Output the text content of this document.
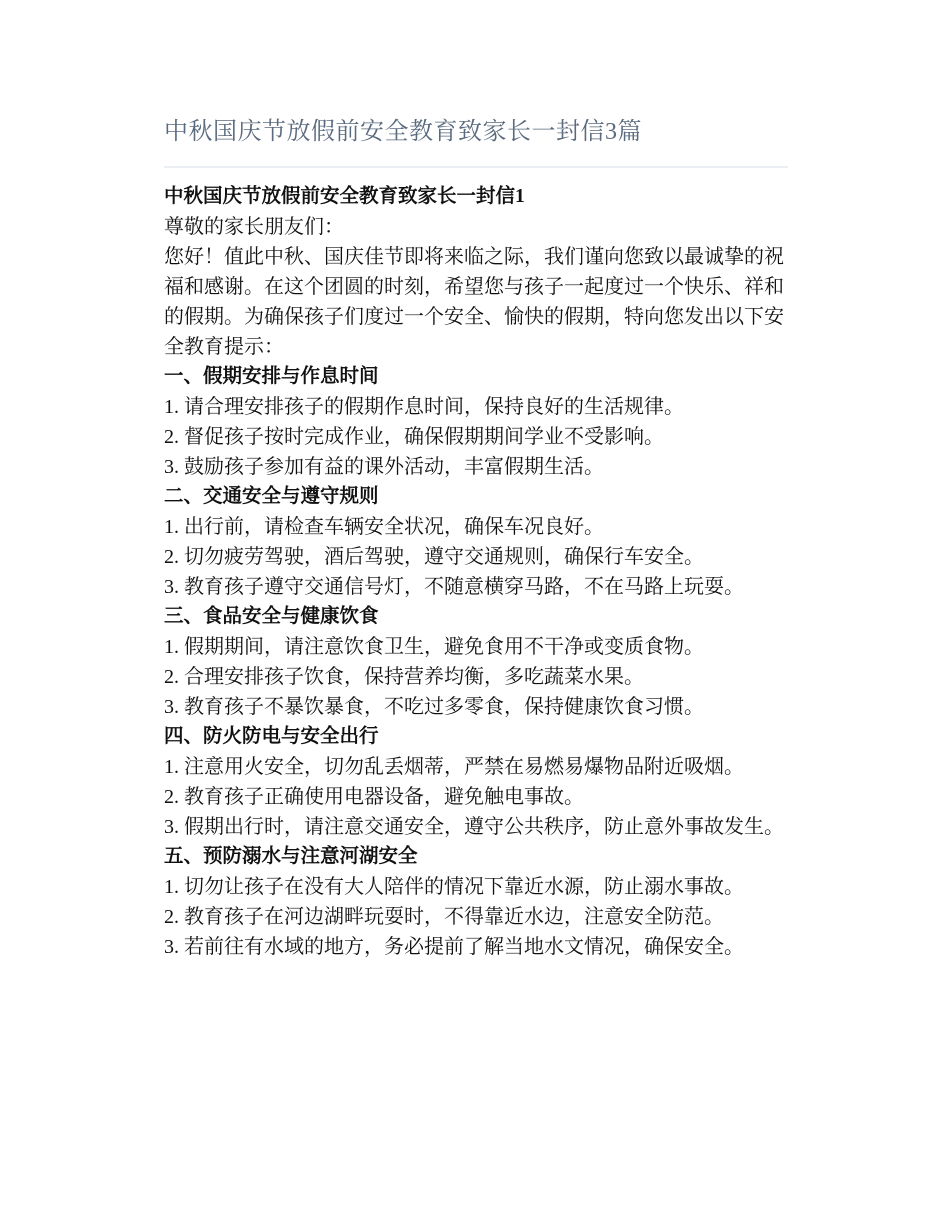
中秋国庆节放假前安全教育致家长一封信3篇

中秋国庆节放假前安全教育致家长一封信1

尊敬的家长朋友们：

您好！值此中秋、国庆佳节即将来临之际，我们谨向您致以最诚挚的祝福和感谢。在这个团圆的时刻，希望您与孩子一起度过一个快乐、祥和的假期。为确保孩子们度过一个安全、愉快的假期，特向您发出以下安全教育提示：

一、假期安排与作息时间

1. 请合理安排孩子的假期作息时间，保持良好的生活规律。

2. 督促孩子按时完成作业，确保假期期间学业不受影响。

3. 鼓励孩子参加有益的课外活动，丰富假期生活。

二、交通安全与遵守规则

1. 出行前，请检查车辆安全状况，确保车况良好。

2. 切勿疲劳驾驶，酒后驾驶，遵守交通规则，确保行车安全。

3. 教育孩子遵守交通信号灯，不随意横穿马路，不在马路上玩耍。

三、食品安全与健康饮食

1. 假期期间，请注意饮食卫生，避免食用不干净或变质食物。

2. 合理安排孩子饮食，保持营养均衡，多吃蔬菜水果。

3. 教育孩子不暴饮暴食，不吃过多零食，保持健康饮食习惯。

四、防火防电与安全出行

1. 注意用火安全，切勿乱丢烟蒂，严禁在易燃易爆物品附近吸烟。

2. 教育孩子正确使用电器设备，避免触电事故。

3. 假期出行时，请注意交通安全，遵守公共秩序，防止意外事故发生。

五、预防溺水与注意河湖安全

1. 切勿让孩子在没有大人陪伴的情况下靠近水源，防止溺水事故。

2. 教育孩子在河边湖畔玩耍时，不得靠近水边，注意安全防范。

3. 若前往有水域的地方，务必提前了解当地水文情况，确保安全。
